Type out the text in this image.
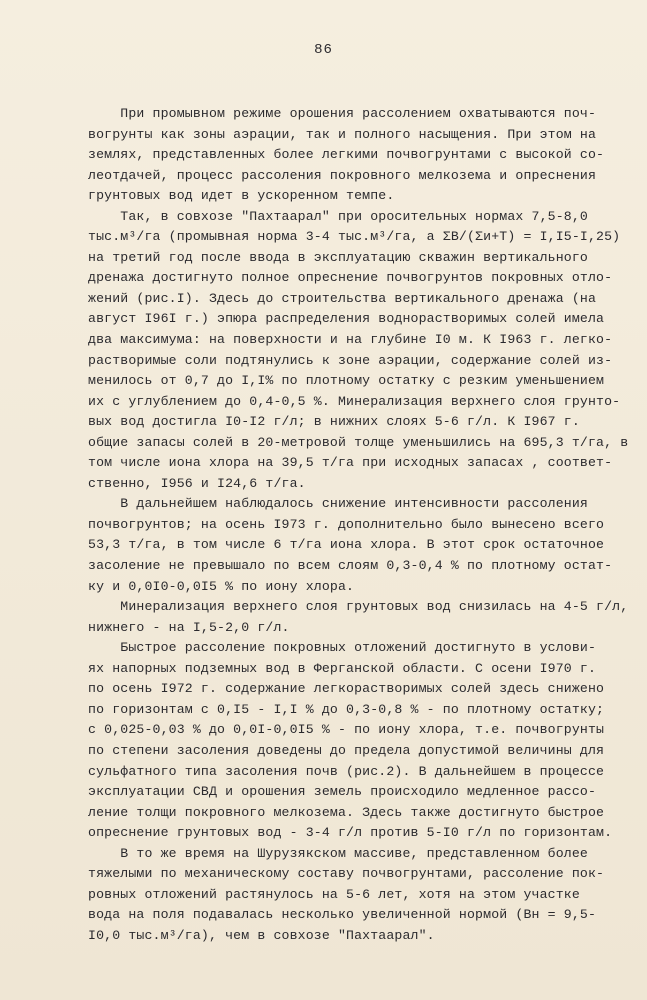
86
При промывном режиме орошения рассолением охватываются поч-
вогрунты как зоны аэрации, так и полного насыщения. При этом на
землях, представленных более легкими почвогрунтами с высокой со-
леотдачей, процесс рассоления покровного мелкозема и опреснения
грунтовых вод идет в ускоренном темпе.
Так, в совхозе "Пахтаарал" при оросительных нормах 7,5-8,0
тыс.м³/га (промывная норма 3-4 тыс.м³/га, а ΣВ/(Σи+T) = I,I5-I,25)
на третий год после ввода в эксплуатацию скважин вертикального
дренажа достигнуто полное опреснение почвогрунтов покровных отло-
жений (рис.I). Здесь до строительства вертикального дренажа (на
август I96I г.) эпюра распределения воднорастворимых солей имела
два максимума: на поверхности и на глубине I0 м. К I963 г. легко-
растворимые соли подтянулись к зоне аэрации, содержание солей из-
менилось от 0,7 до I,I% по плотному остатку с резким уменьшением
их с углублением до 0,4-0,5 %. Минерализация верхнего слоя грунто-
вых вод достигла I0-I2 г/л; в нижних слоях 5-6 г/л. К I967 г.
общие запасы солей в 20-метровой толще уменьшились на 695,3 т/га, в
том числе иона хлора на 39,5 т/га при исходных запасах , соответ-
ственно, I956 и I24,6 т/га.
В дальнейшем наблюдалось снижение интенсивности рассоления
почвогрунтов; на осень I973 г. дополнительно было вынесено всего
53,3 т/га, в том числе 6 т/га иона хлора. В этот срок остаточное
засоление не превышало по всем слоям 0,3-0,4 % по плотному остат-
ку и 0,0I0-0,0I5 % по иону хлора.
Минерализация верхнего слоя грунтовых вод снизилась на 4-5 г/л,
нижнего - на I,5-2,0 г/л.
Быстрое рассоление покровных отложений достигнуто в услови-
ях напорных подземных вод в Ферганской области. С осени I970 г.
по осень I972 г. содержание легкорастворимых солей здесь снижено
по горизонтам с 0,I5 - I,I % до 0,3-0,8 % - по плотному остатку;
с 0,025-0,03 % до 0,0I-0,0I5 % - по иону хлора, т.е. почвогрунты
по степени засоления доведены до предела допустимой величины для
сульфатного типа засоления почв (рис.2). В дальнейшем в процессе
эксплуатации СВД и орошения земель происходило медленное рассо-
ление толщи покровного мелкозема. Здесь также достигнуто быстрое
опреснение грунтовых вод - 3-4 г/л против 5-I0 г/л по горизонтам.
В то же время на Шурузякском массиве, представленном более
тяжелыми по механическому составу почвогрунтами, рассоление пок-
ровных отложений растянулось на 5-6 лет, хотя на этом участке
вода на поля подавалась несколько увеличенной нормой (Вн = 9,5-
I0,0 тыс.м³/га), чем в совхозе "Пахтаарал".
